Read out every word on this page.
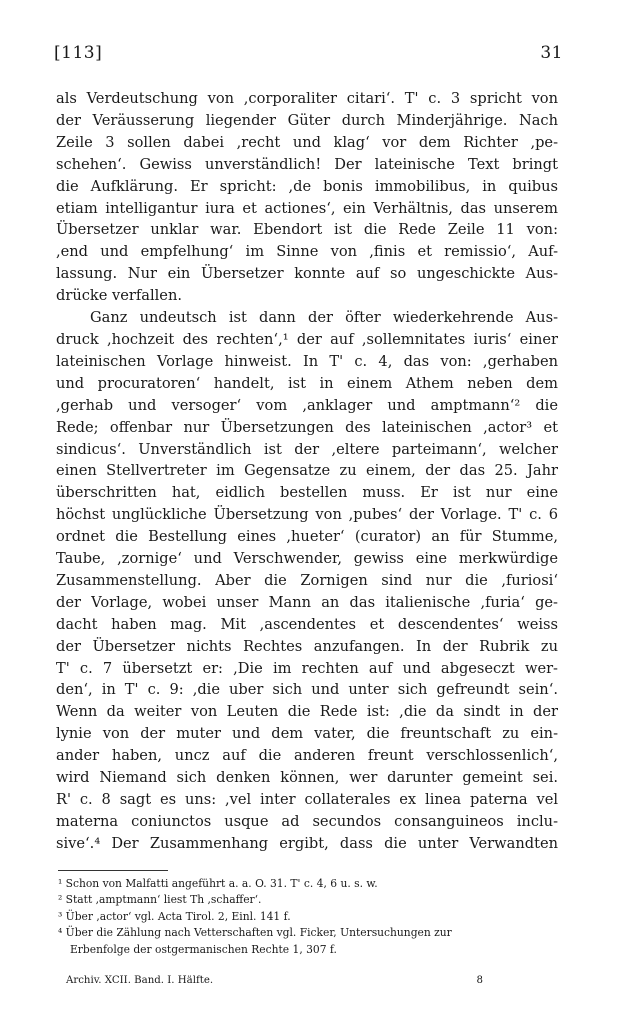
[113]	31
als Verdeutschung von ,corporaliter citari‘. T' c. 3 spricht von
der Veräusserung liegender Güter durch Minderjährige. Nach
Zeile 3 sollen dabei ,recht und klag‘ vor dem Richter ,pe-
schehen‘. Gewiss unverständlich! Der lateinische Text bringt
die Aufklärung. Er spricht: ,de bonis immobilibus, in quibus
etiam intelligantur iura et actiones‘, ein Verhältnis, das unserem
Übersetzer unklar war. Ebendort ist die Rede Zeile 11 von:
,end und empfelhung‘ im Sinne von ,finis et remissio‘, Auf-
lassung. Nur ein Übersetzer konnte auf so ungeschickte Aus-
drücke verfallen.
Ganz undeutsch ist dann der öfter wiederkehrende Aus-
druck ,hochzeit des rechten‘,¹ der auf ,sollemnitates iuris‘ einer
lateinischen Vorlage hinweist. In T' c. 4, das von: ,gerhaben
und procuratoren‘ handelt, ist in einem Athem neben dem
,gerhab und versoger‘ vom ,anklager und amptmann‘² die
Rede; offenbar nur Übersetzungen des lateinischen ,actor³ et
sindicus‘. Unverständlich ist der ,eltere parteimann‘, welcher
einen Stellvertreter im Gegensatze zu einem, der das 25. Jahr
überschritten hat, eidlich bestellen muss. Er ist nur eine
höchst unglückliche Übersetzung von ,pubes‘ der Vorlage. T' c. 6
ordnet die Bestellung eines ,hueter‘ (curator) an für Stumme,
Taube, ,zornige‘ und Verschwender, gewiss eine merkwürdige
Zusammenstellung. Aber die Zornigen sind nur die ,furiosi‘
der Vorlage, wobei unser Mann an das italienische ,furia‘ ge-
dacht haben mag. Mit ,ascendentes et descendentes‘ weiss
der Übersetzer nichts Rechtes anzufangen. In der Rubrik zu
T' c. 7 übersetzt er: ,Die im rechten auf und abgeseczt wer-
den‘, in T' c. 9: ,die uber sich und unter sich gefreundt sein‘.
Wenn da weiter von Leuten die Rede ist: ,die da sindt in der
lynie von der muter und dem vater, die freuntschaft zu ein-
ander haben, uncz auf die anderen freunt verschlossenlich‘,
wird Niemand sich denken können, wer darunter gemeint sei.
R' c. 8 sagt es uns: ,vel inter collaterales ex linea paterna vel
materna coniunctos usque ad secundos consanguineos inclu-
sive‘.⁴ Der Zusammenhang ergibt, dass die unter Verwandten
¹ Schon von Malfatti angeführt a. a. O. 31. T' c. 4, 6 u. s. w.
² Statt ,amptmann‘ liest Th ,schaffer‘.
³ Über ,actor‘ vgl. Acta Tirol. 2, Einl. 141 f.
⁴ Über die Zählung nach Vetterschaften vgl. Ficker, Untersuchungen zur
Erbenfolge der ostgermanischen Rechte 1, 307 f.
Archiv. XCII. Band. I. Hälfte.	8
